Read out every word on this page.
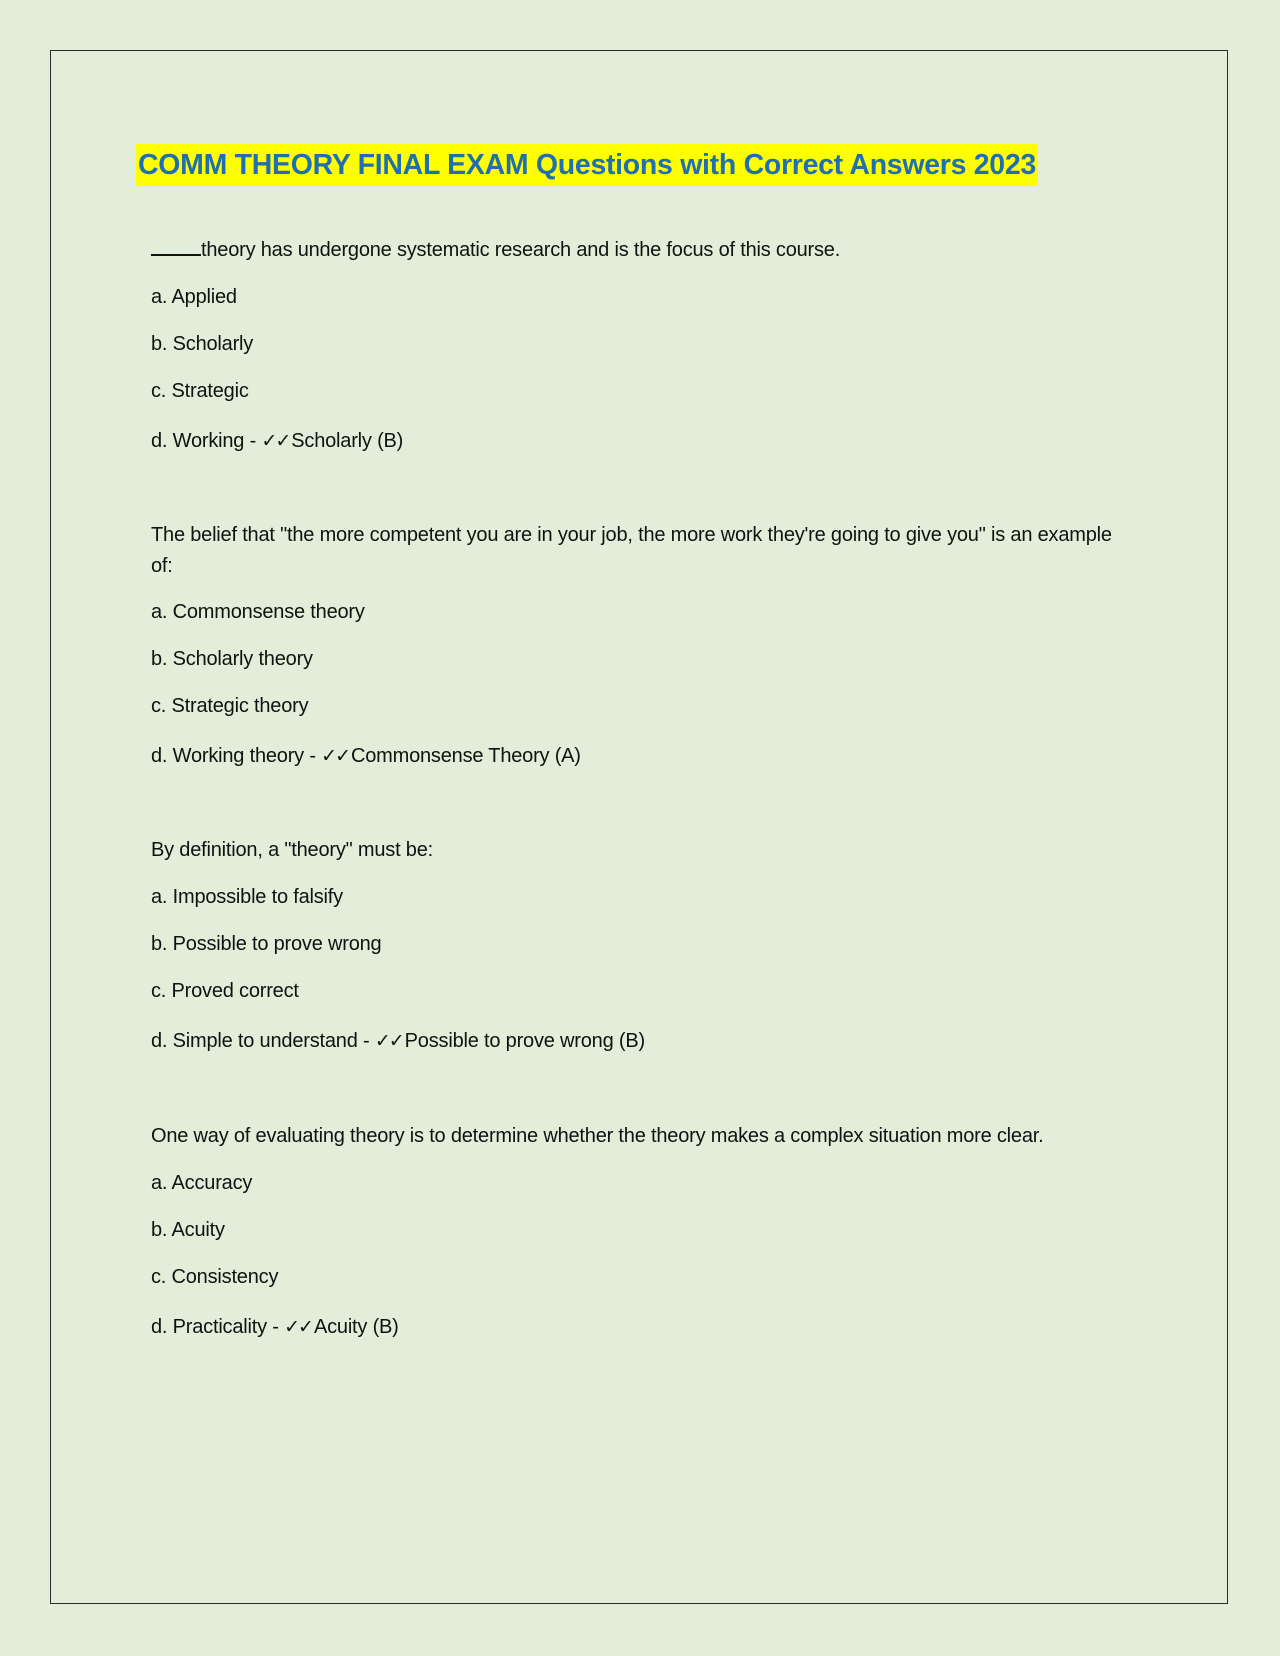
COMM THEORY FINAL EXAM Questions with Correct Answers 2023
theory has undergone systematic research and is the focus of this course.
a. Applied
b. Scholarly
c. Strategic
d. Working - ✓✓ Scholarly (B)
The belief that "the more competent you are in your job, the more work they're going to give you" is an example of:
a. Commonsense theory
b. Scholarly theory
c. Strategic theory
d. Working theory - ✓✓ Commonsense Theory (A)
By definition, a "theory" must be:
a. Impossible to falsify
b. Possible to prove wrong
c. Proved correct
d. Simple to understand - ✓✓ Possible to prove wrong (B)
One way of evaluating theory is to determine whether the theory makes a complex situation more clear.
a. Accuracy
b. Acuity
c. Consistency
d. Practicality - ✓✓ Acuity (B)
